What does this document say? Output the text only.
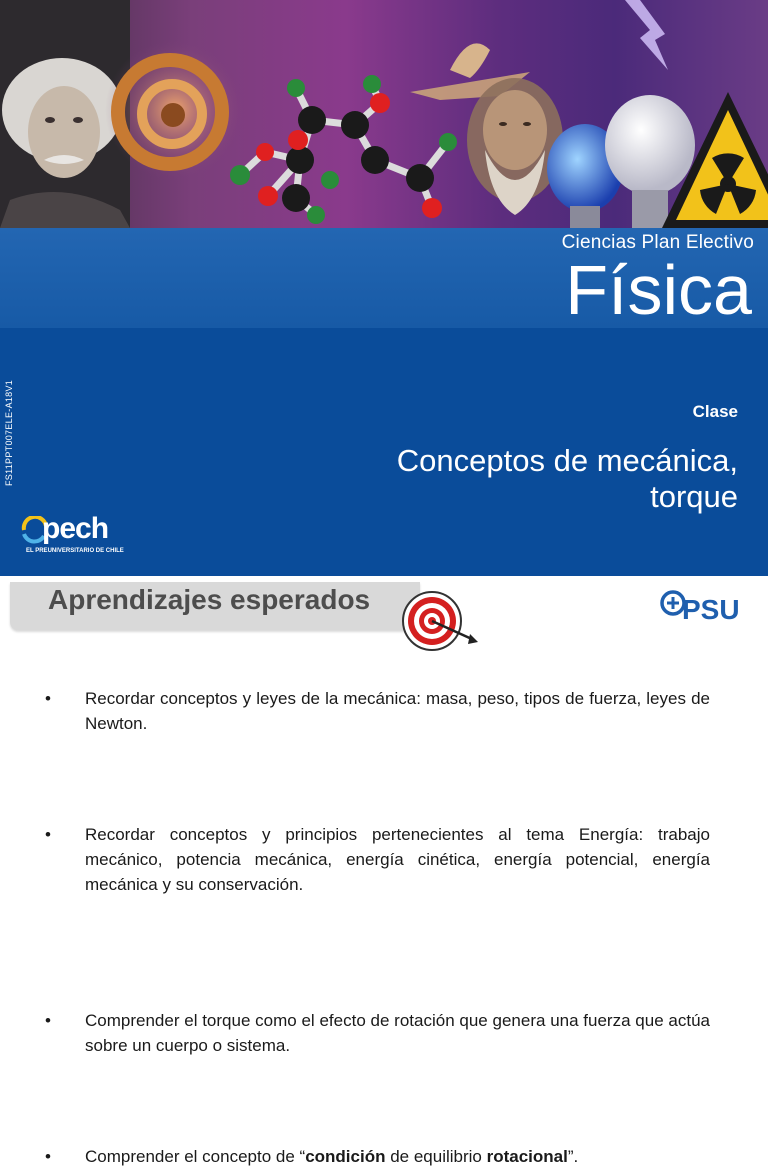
Ciencias Plan Electivo
Física
Clase
Conceptos de mecánica,
torque
FS11PPT007ELE-A18V1
pech
EL PREUNIVERSITARIO DE CHILE
Aprendizajes esperados	PSU
• Recordar conceptos y leyes de la mecánica: masa, peso, tipos de fuerza, leyes de Newton.
• Recordar conceptos y principios pertenecientes al tema Energía: trabajo mecánico, potencia mecánica, energía cinética, energía potencial, energía mecánica y su conservación.
• Comprender el torque como el efecto de rotación que genera una fuerza que actúa sobre un cuerpo o sistema.
• Comprender el concepto de “condición de equilibrio rotacional”.
